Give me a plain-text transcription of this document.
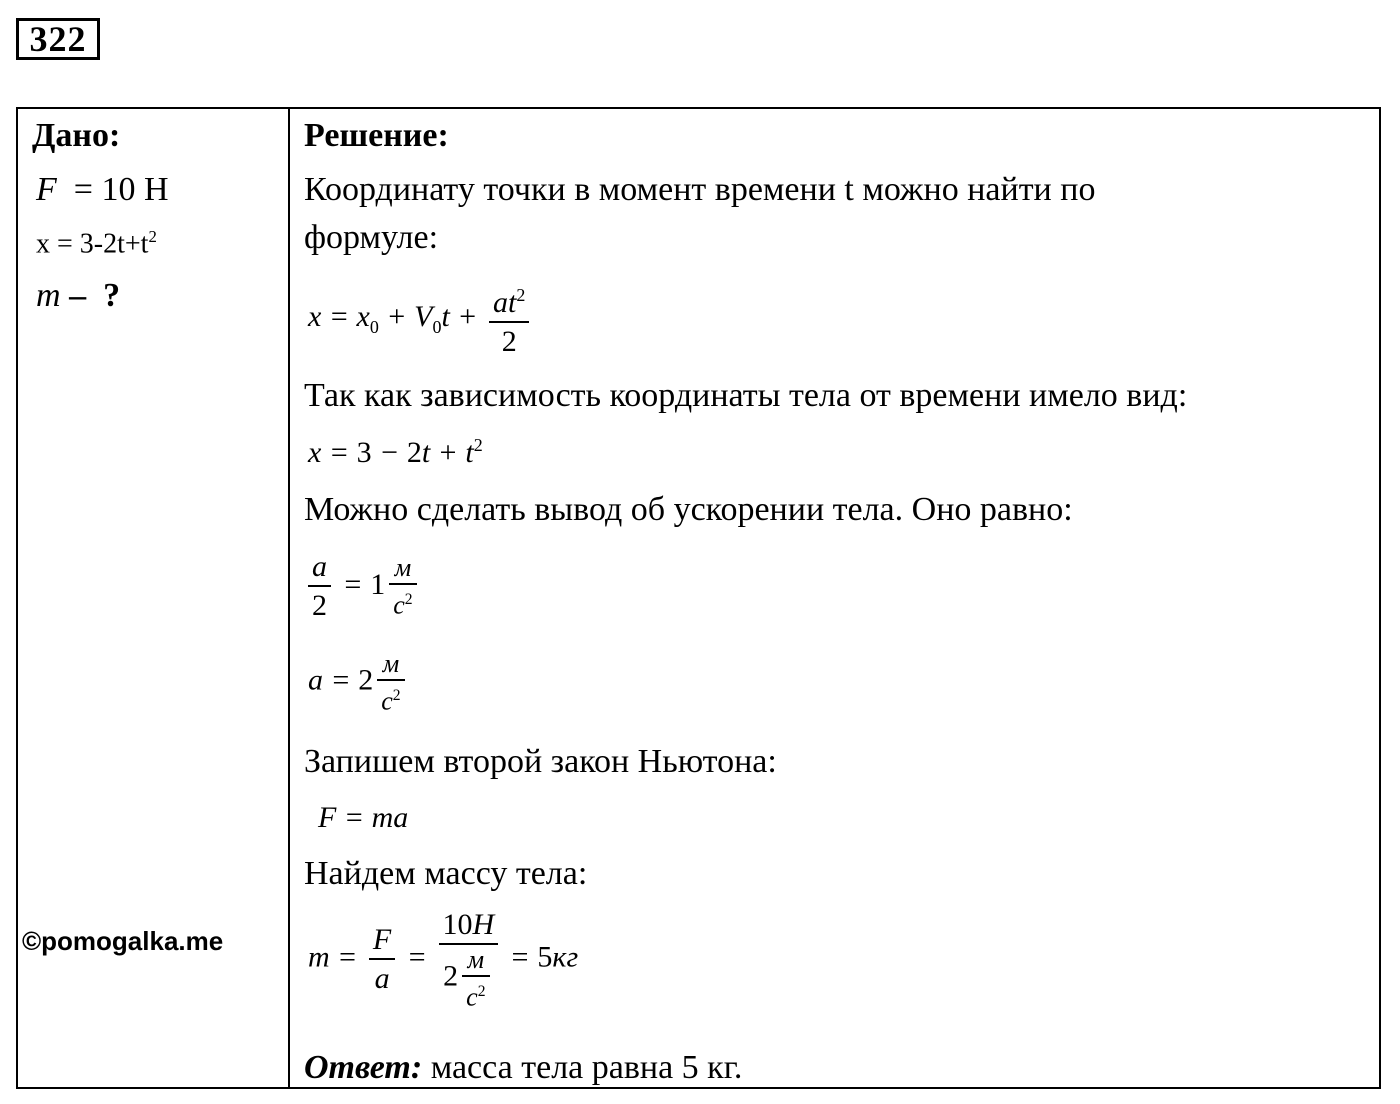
322
Дано:
F  = 10 Н
$x = 3-2t+t^2$
m –  ?
Решение:
Координату точки в момент времени t можно найти по
формуле:
$x = x_0 + V_0t + \frac{at^2}{2}$
Так как зависимость координаты тела от времени имело вид:
$x = 3 - 2t + t^2$
Можно сделать вывод об ускорении тела. Оно равно:
$\frac{a}{2} = 1 \frac{м}{c^2}$
$a = 2 \frac{м}{c^2}$
Запишем второй закон Ньютона:
F = ma
Найдем массу тела:
$m = \frac{F}{a} = \frac{10H}{2 \frac{м}{c^2}} = 5кг$
Ответ: масса тела равна 5 кг.
©pomogalka.me
